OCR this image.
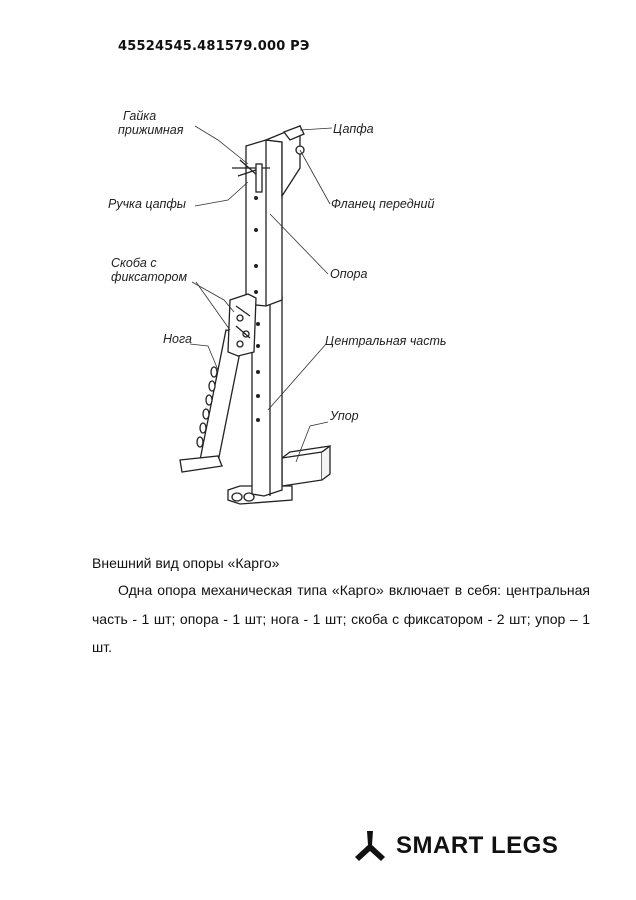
45524545.481579.000 РЭ
Гайка
прижимная
Ручка цапфы
Скоба с
фиксатором
Нога
Цапфа
Фланец передний
Опора
Центральная часть
Упор
Внешний вид опоры «Карго»
Одна опора механическая типа «Карго» включает в себя: центральная часть - 1 шт; опора - 1 шт; нога - 1 шт; скоба с фиксатором - 2 шт; упор – 1 шт.
SMART LEGS
